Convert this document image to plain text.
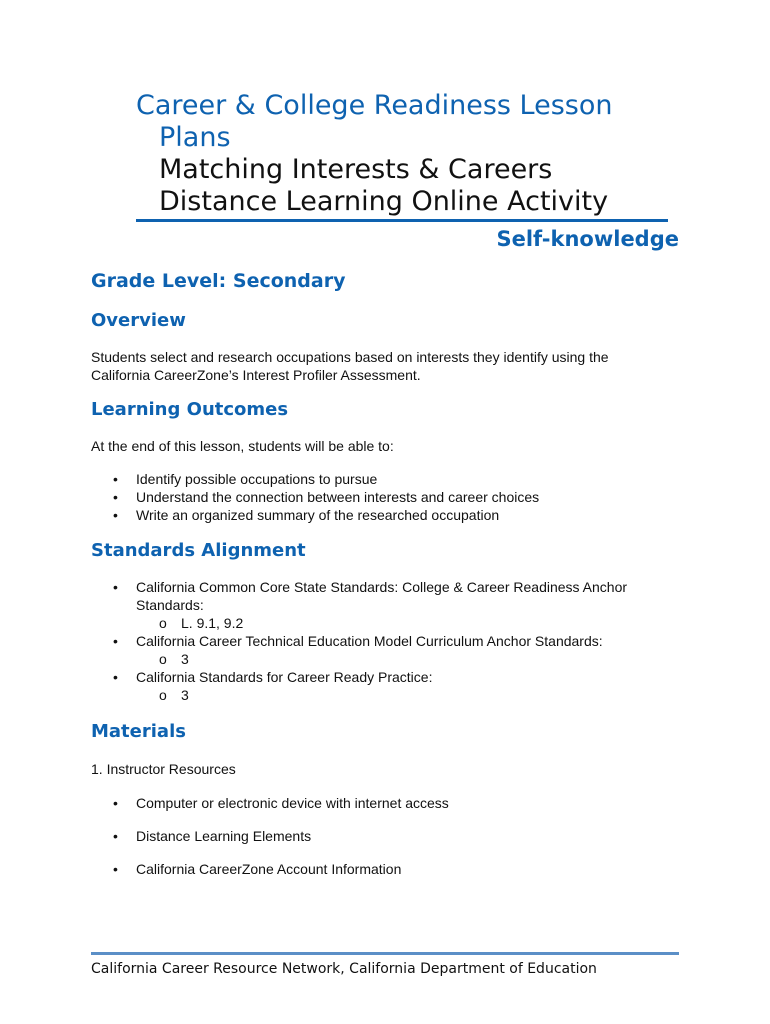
Career & College Readiness Lesson
Plans
Matching Interests & Careers
Distance Learning Online Activity
Self-knowledge
Grade Level: Secondary
Overview
Students select and research occupations based on interests they identify using the California CareerZone’s Interest Profiler Assessment.
Learning Outcomes
At the end of this lesson, students will be able to:
• Identify possible occupations to pursue
• Understand the connection between interests and career choices
• Write an organized summary of the researched occupation
Standards Alignment
• California Common Core State Standards: College & Career Readiness Anchor Standards:
o L. 9.1, 9.2
• California Career Technical Education Model Curriculum Anchor Standards:
o 3
• California Standards for Career Ready Practice:
o 3
Materials
1. Instructor Resources
• Computer or electronic device with internet access
• Distance Learning Elements
• California CareerZone Account Information
California Career Resource Network, California Department of Education
